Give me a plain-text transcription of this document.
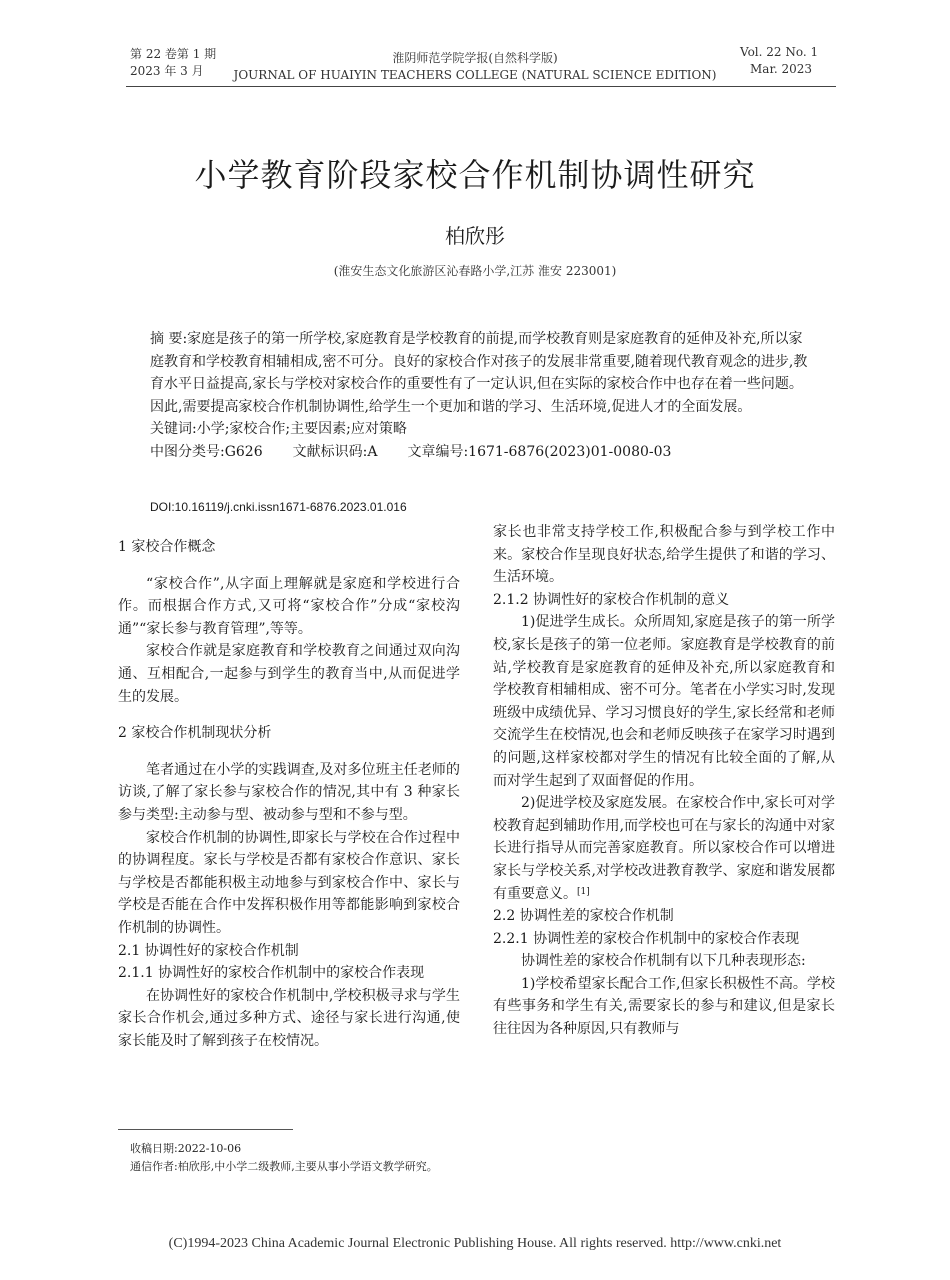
第 22 卷第 1 期
2023 年 3 月
淮阴师范学院学报(自然科学版)
JOURNAL OF HUAIYIN TEACHERS COLLEGE (NATURAL SCIENCE EDITION)
Vol. 22 No. 1
Mar. 2023
小学教育阶段家校合作机制协调性研究
柏欣彤
(淮安生态文化旅游区沁春路小学,江苏 淮安 223001)

摘 要:家庭是孩子的第一所学校,家庭教育是学校教育的前提,而学校教育则是家庭教育的延伸及补充,所以家庭教育和学校教育相辅相成,密不可分。良好的家校合作对孩子的发展非常重要,随着现代教育观念的进步,教育水平日益提高,家长与学校对家校合作的重要性有了一定认识,但在实际的家校合作中也存在着一些问题。因此,需要提高家校合作机制协调性,给学生一个更加和谐的学习、生活环境,促进人才的全面发展。

关键词:小学;家校合作;主要因素;应对策略

中图分类号:G626 文献标识码:A 文章编号:1671-6876(2023)01-0080-03

DOI:10.16119/j.cnki.issn1671-6876.2023.01.016

1 家校合作概念

“家校合作”,从字面上理解就是家庭和学校进行合作。而根据合作方式,又可将“家校合作”分成“家校沟通”“家长参与教育管理”,等等。

家校合作就是家庭教育和学校教育之间通过双向沟通、互相配合,一起参与到学生的教育当中,从而促进学生的发展。

2 家校合作机制现状分析

笔者通过在小学的实践调查,及对多位班主任老师的访谈,了解了家长参与家校合作的情况,其中有 3 种家长参与类型:主动参与型、被动参与型和不参与型。

家校合作机制的协调性,即家长与学校在合作过程中的协调程度。家长与学校是否都有家校合作意识、家长与学校是否都能积极主动地参与到家校合作中、家长与学校是否能在合作中发挥积极作用等都能影响到家校合作机制的协调性。

2.1 协调性好的家校合作机制

2.1.1 协调性好的家校合作机制中的家校合作表现

在协调性好的家校合作机制中,学校积极寻求与学生家长合作机会,通过多种方式、途径与家长进行沟通,使家长能及时了解到孩子在校情况。

家长也非常支持学校工作,积极配合参与到学校工作中来。家校合作呈现良好状态,给学生提供了和谐的学习、生活环境。

2.1.2 协调性好的家校合作机制的意义

1)促进学生成长。众所周知,家庭是孩子的第一所学校,家长是孩子的第一位老师。家庭教育是学校教育的前站,学校教育是家庭教育的延伸及补充,所以家庭教育和学校教育相辅相成、密不可分。笔者在小学实习时,发现班级中成绩优异、学习习惯良好的学生,家长经常和老师交流学生在校情况,也会和老师反映孩子在家学习时遇到的问题,这样家校都对学生的情况有比较全面的了解,从而对学生起到了双面督促的作用。

2)促进学校及家庭发展。在家校合作中,家长可对学校教育起到辅助作用,而学校也可在与家长的沟通中对家长进行指导从而完善家庭教育。所以家校合作可以增进家长与学校关系,对学校改进教育教学、家庭和谐发展都有重要意义。[1]

2.2 协调性差的家校合作机制

2.2.1 协调性差的家校合作机制中的家校合作表现

协调性差的家校合作机制有以下几种表现形态:

1)学校希望家长配合工作,但家长积极性不高。学校有些事务和学生有关,需要家长的参与和建议,但是家长往往因为各种原因,只有教师与

收稿日期:2022-10-06

通信作者:柏欣彤,中小学二级教师,主要从事小学语文教学研究。

(C)1994-2023 China Academic Journal Electronic Publishing House. All rights reserved. http://www.cnki.net
